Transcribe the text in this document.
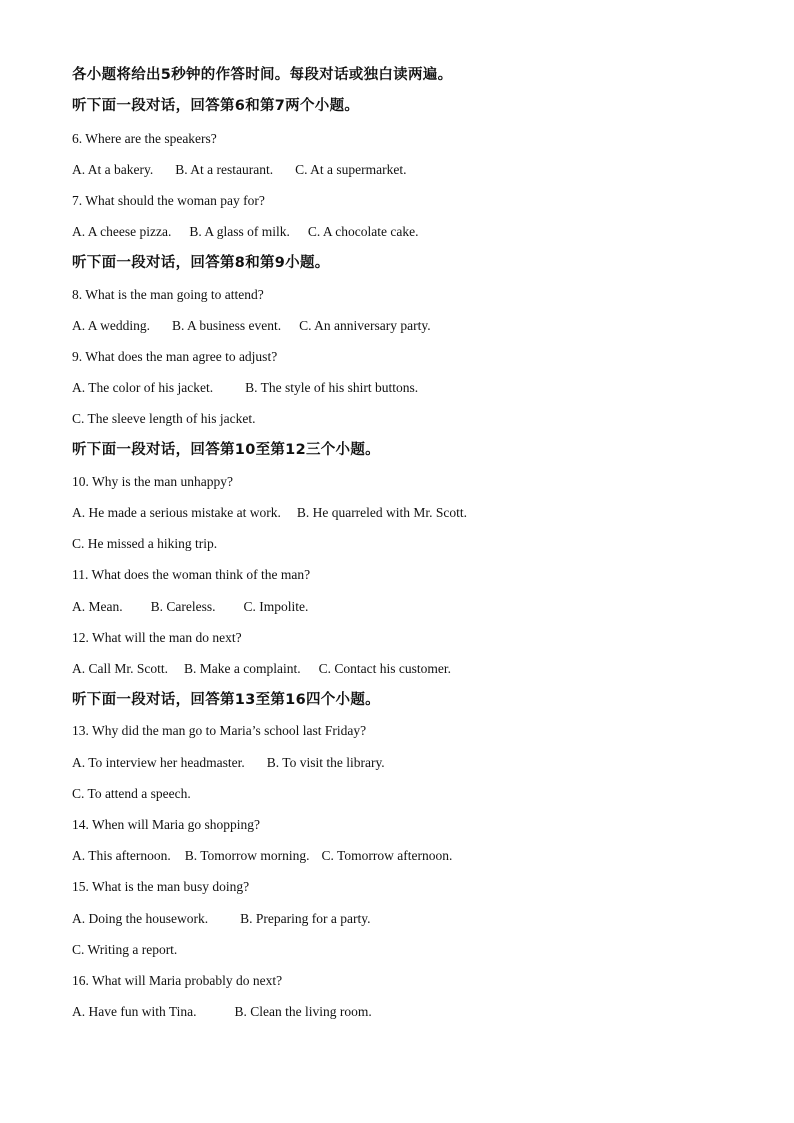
各小题将给出5秒钟的作答时间。每段对话或独白读两遍。
听下面一段对话，回答第6和第7两个小题。
6. Where are the speakers?
A. At a bakery. B. At a restaurant. C. At a supermarket.
7. What should the woman pay for?
A. A cheese pizza. B. A glass of milk. C. A chocolate cake.
听下面一段对话，回答第8和第9小题。
8. What is the man going to attend?
A. A wedding. B. A business event. C. An anniversary party.
9. What does the man agree to adjust?
A. The color of his jacket. B. The style of his shirt buttons.
C. The sleeve length of his jacket.
听下面一段对话，回答第10至第12三个小题。
10. Why is the man unhappy?
A. He made a serious mistake at work. B. He quarreled with Mr. Scott.
C. He missed a hiking trip.
11. What does the woman think of the man?
A. Mean. B. Careless. C. Impolite.
12. What will the man do next?
A. Call Mr. Scott. B. Make a complaint. C. Contact his customer.
听下面一段对话，回答第13至第16四个小题。
13. Why did the man go to Maria’s school last Friday?
A. To interview her headmaster. B. To visit the library.
C. To attend a speech.
14. When will Maria go shopping?
A. This afternoon. B. Tomorrow morning. C. Tomorrow afternoon.
15. What is the man busy doing?
A. Doing the housework. B. Preparing for a party.
C. Writing a report.
16. What will Maria probably do next?
A. Have fun with Tina.	B. Clean the living room.
